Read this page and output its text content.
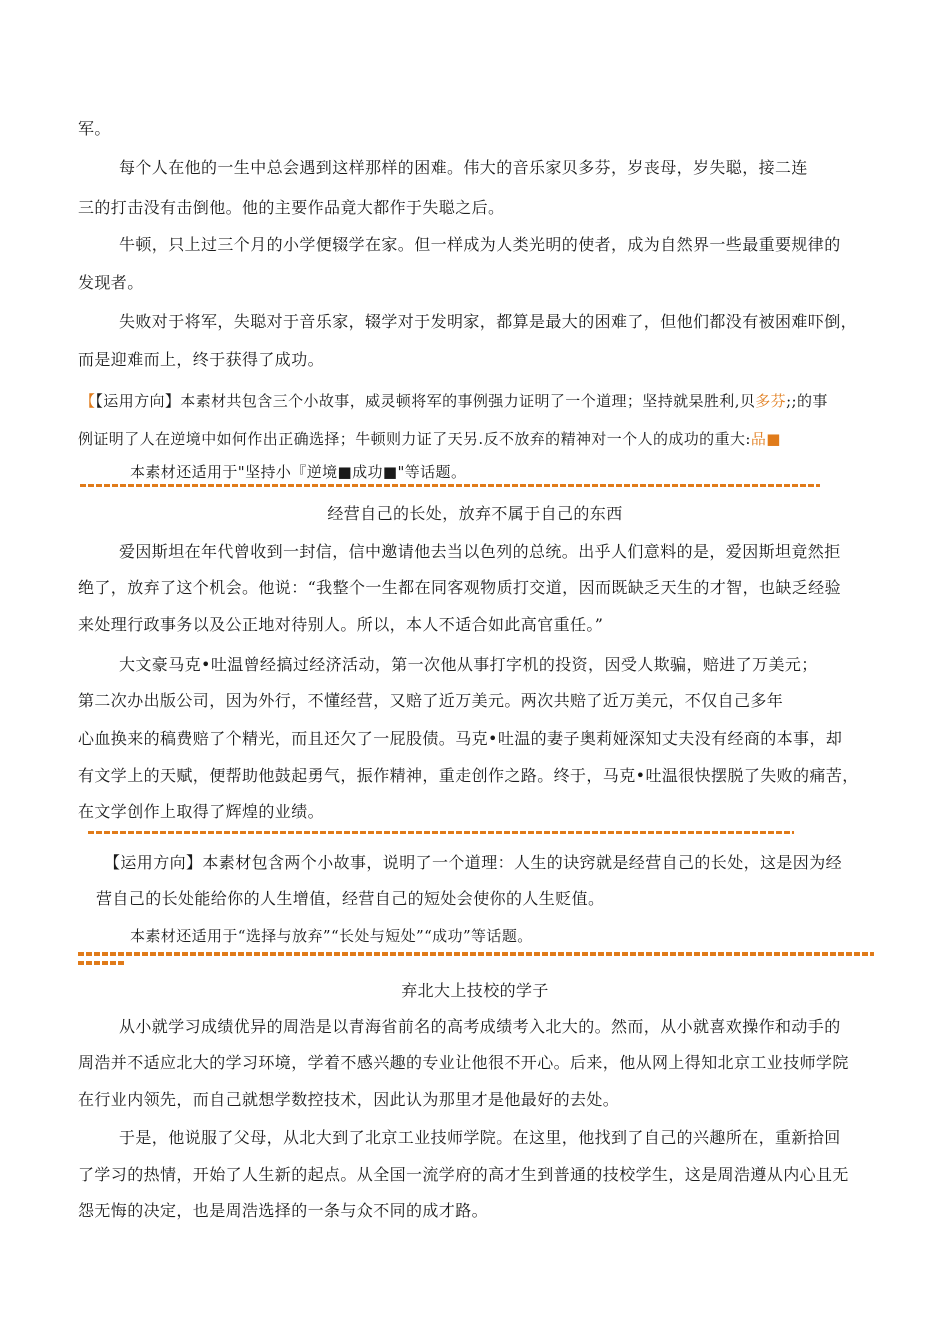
军。
每个人在他的一生中总会遇到这样那样的困难。伟大的音乐家贝多芬，岁丧母，岁失聪，接二连
三的打击没有击倒他。他的主要作品竟大都作于失聪之后。
牛顿，只上过三个月的小学便辍学在家。但一样成为人类光明的使者，成为自然界一些最重要规律的
发现者。
失败对于将军，失聪对于音乐家，辍学对于发明家，都算是最大的困难了，但他们都没有被困难吓倒，
而是迎难而上，终于获得了成功。
【【运用方向】本素材共包含三个小故事，威灵顿将军的事例强力证明了一个道理；坚持就杲胜利,贝多芬;;的事
例证明了人在逆境中如何作出正确选择；牛顿则力证了天另.反不放弃的精神对一个人的成功的重大:品■
本素材还适用于"坚持小『逆境■成功■"等话题。
经营自己的长处，放弃不属于自己的东西
爱因斯坦在年代曾收到一封信，信中邀请他去当以色列的总统。出乎人们意料的是，爱因斯坦竟然拒
绝了，放弃了这个机会。他说：“我整个一生都在同客观物质打交道，因而既缺乏天生的才智，也缺乏经验
来处理行政事务以及公正地对待别人。所以，本人不适合如此高官重任。”
大文豪马克•吐温曾经搞过经济活动，第一次他从事打字机的投资，因受人欺骗，赔进了万美元；
第二次办出版公司，因为外行，不懂经营，又赔了近万美元。两次共赔了近万美元，不仅自己多年
心血换来的稿费赔了个精光，而且还欠了一屁股债。马克•吐温的妻子奥莉娅深知丈夫没有经商的本事，却
有文学上的天赋，便帮助他鼓起勇气，振作精神，重走创作之路。终于，马克•吐温很快摆脱了失败的痛苦，
在文学创作上取得了辉煌的业绩。
【运用方向】本素材包含两个小故事，说明了一个道理：人生的诀窍就是经营自己的长处，这是因为经
营自己的长处能给你的人生增值，经营自己的短处会使你的人生贬值。
本素材还适用于“选择与放弃”“长处与短处”“成功”等话题。
弃北大上技校的学子
从小就学习成绩优异的周浩是以青海省前名的高考成绩考入北大的。然而，从小就喜欢操作和动手的
周浩并不适应北大的学习环境，学着不感兴趣的专业让他很不开心。后来，他从网上得知北京工业技师学院
在行业内领先，而自己就想学数控技术，因此认为那里才是他最好的去处。
于是，他说服了父母，从北大到了北京工业技师学院。在这里，他找到了自己的兴趣所在，重新拾回
了学习的热情，开始了人生新的起点。从全国一流学府的高才生到普通的技校学生，这是周浩遵从内心且无
怨无悔的决定，也是周浩选择的一条与众不同的成才路。
